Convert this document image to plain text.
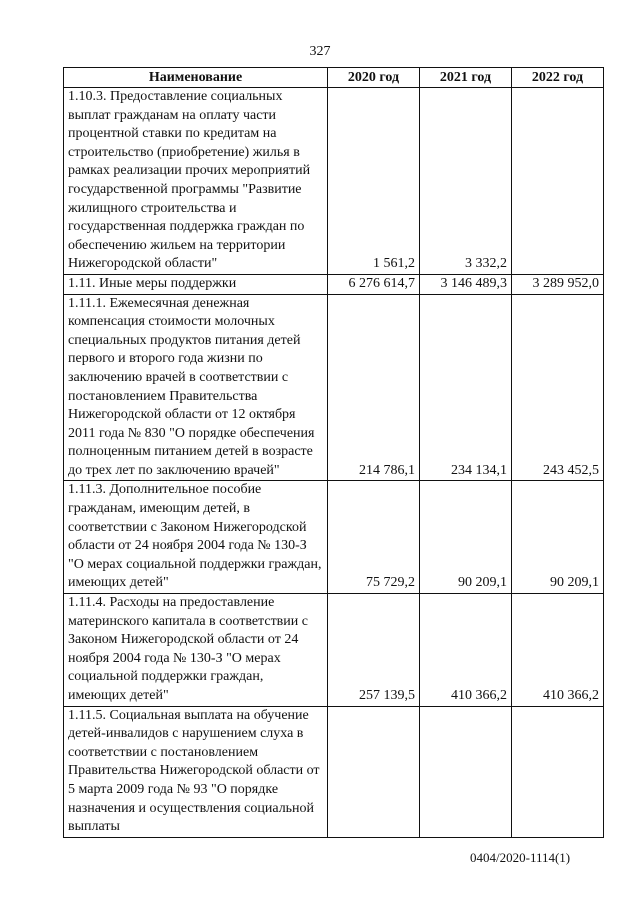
327
Наименование	2020 год	2021 год	2022 год
1.10.3. Предоставление социальных выплат гражданам на оплату части процентной ставки по кредитам на строительство (приобретение) жилья в рамках реализации прочих мероприятий государственной программы "Развитие жилищного строительства и государственная поддержка граждан по обеспечению жильем на территории Нижегородской области"	1 561,2	3 332,2	
1.11. Иные меры поддержки	6 276 614,7	3 146 489,3	3 289 952,0
1.11.1. Ежемесячная денежная компенсация стоимости молочных специальных продуктов питания детей первого и второго года жизни по заключению врачей в соответствии с постановлением Правительства Нижегородской области от 12 октября 2011 года № 830 "О порядке обеспечения полноценным питанием детей в возрасте до трех лет по заключению врачей"	214 786,1	234 134,1	243 452,5
1.11.3. Дополнительное пособие гражданам, имеющим детей, в соответствии с Законом Нижегородской области от 24 ноября 2004 года № 130-З "О мерах социальной поддержки граждан, имеющих детей"	75 729,2	90 209,1	90 209,1
1.11.4. Расходы на предоставление материнского капитала в соответствии с Законом Нижегородской области от 24 ноября 2004 года № 130-З "О мерах социальной поддержки граждан, имеющих детей"	257 139,5	410 366,2	410 366,2
1.11.5. Социальная выплата на обучение детей-инвалидов с нарушением слуха в соответствии с постановлением Правительства Нижегородской области от 5 марта 2009 года № 93 "О порядке назначения и осуществления социальной выплаты			
0404/2020-1114(1)
